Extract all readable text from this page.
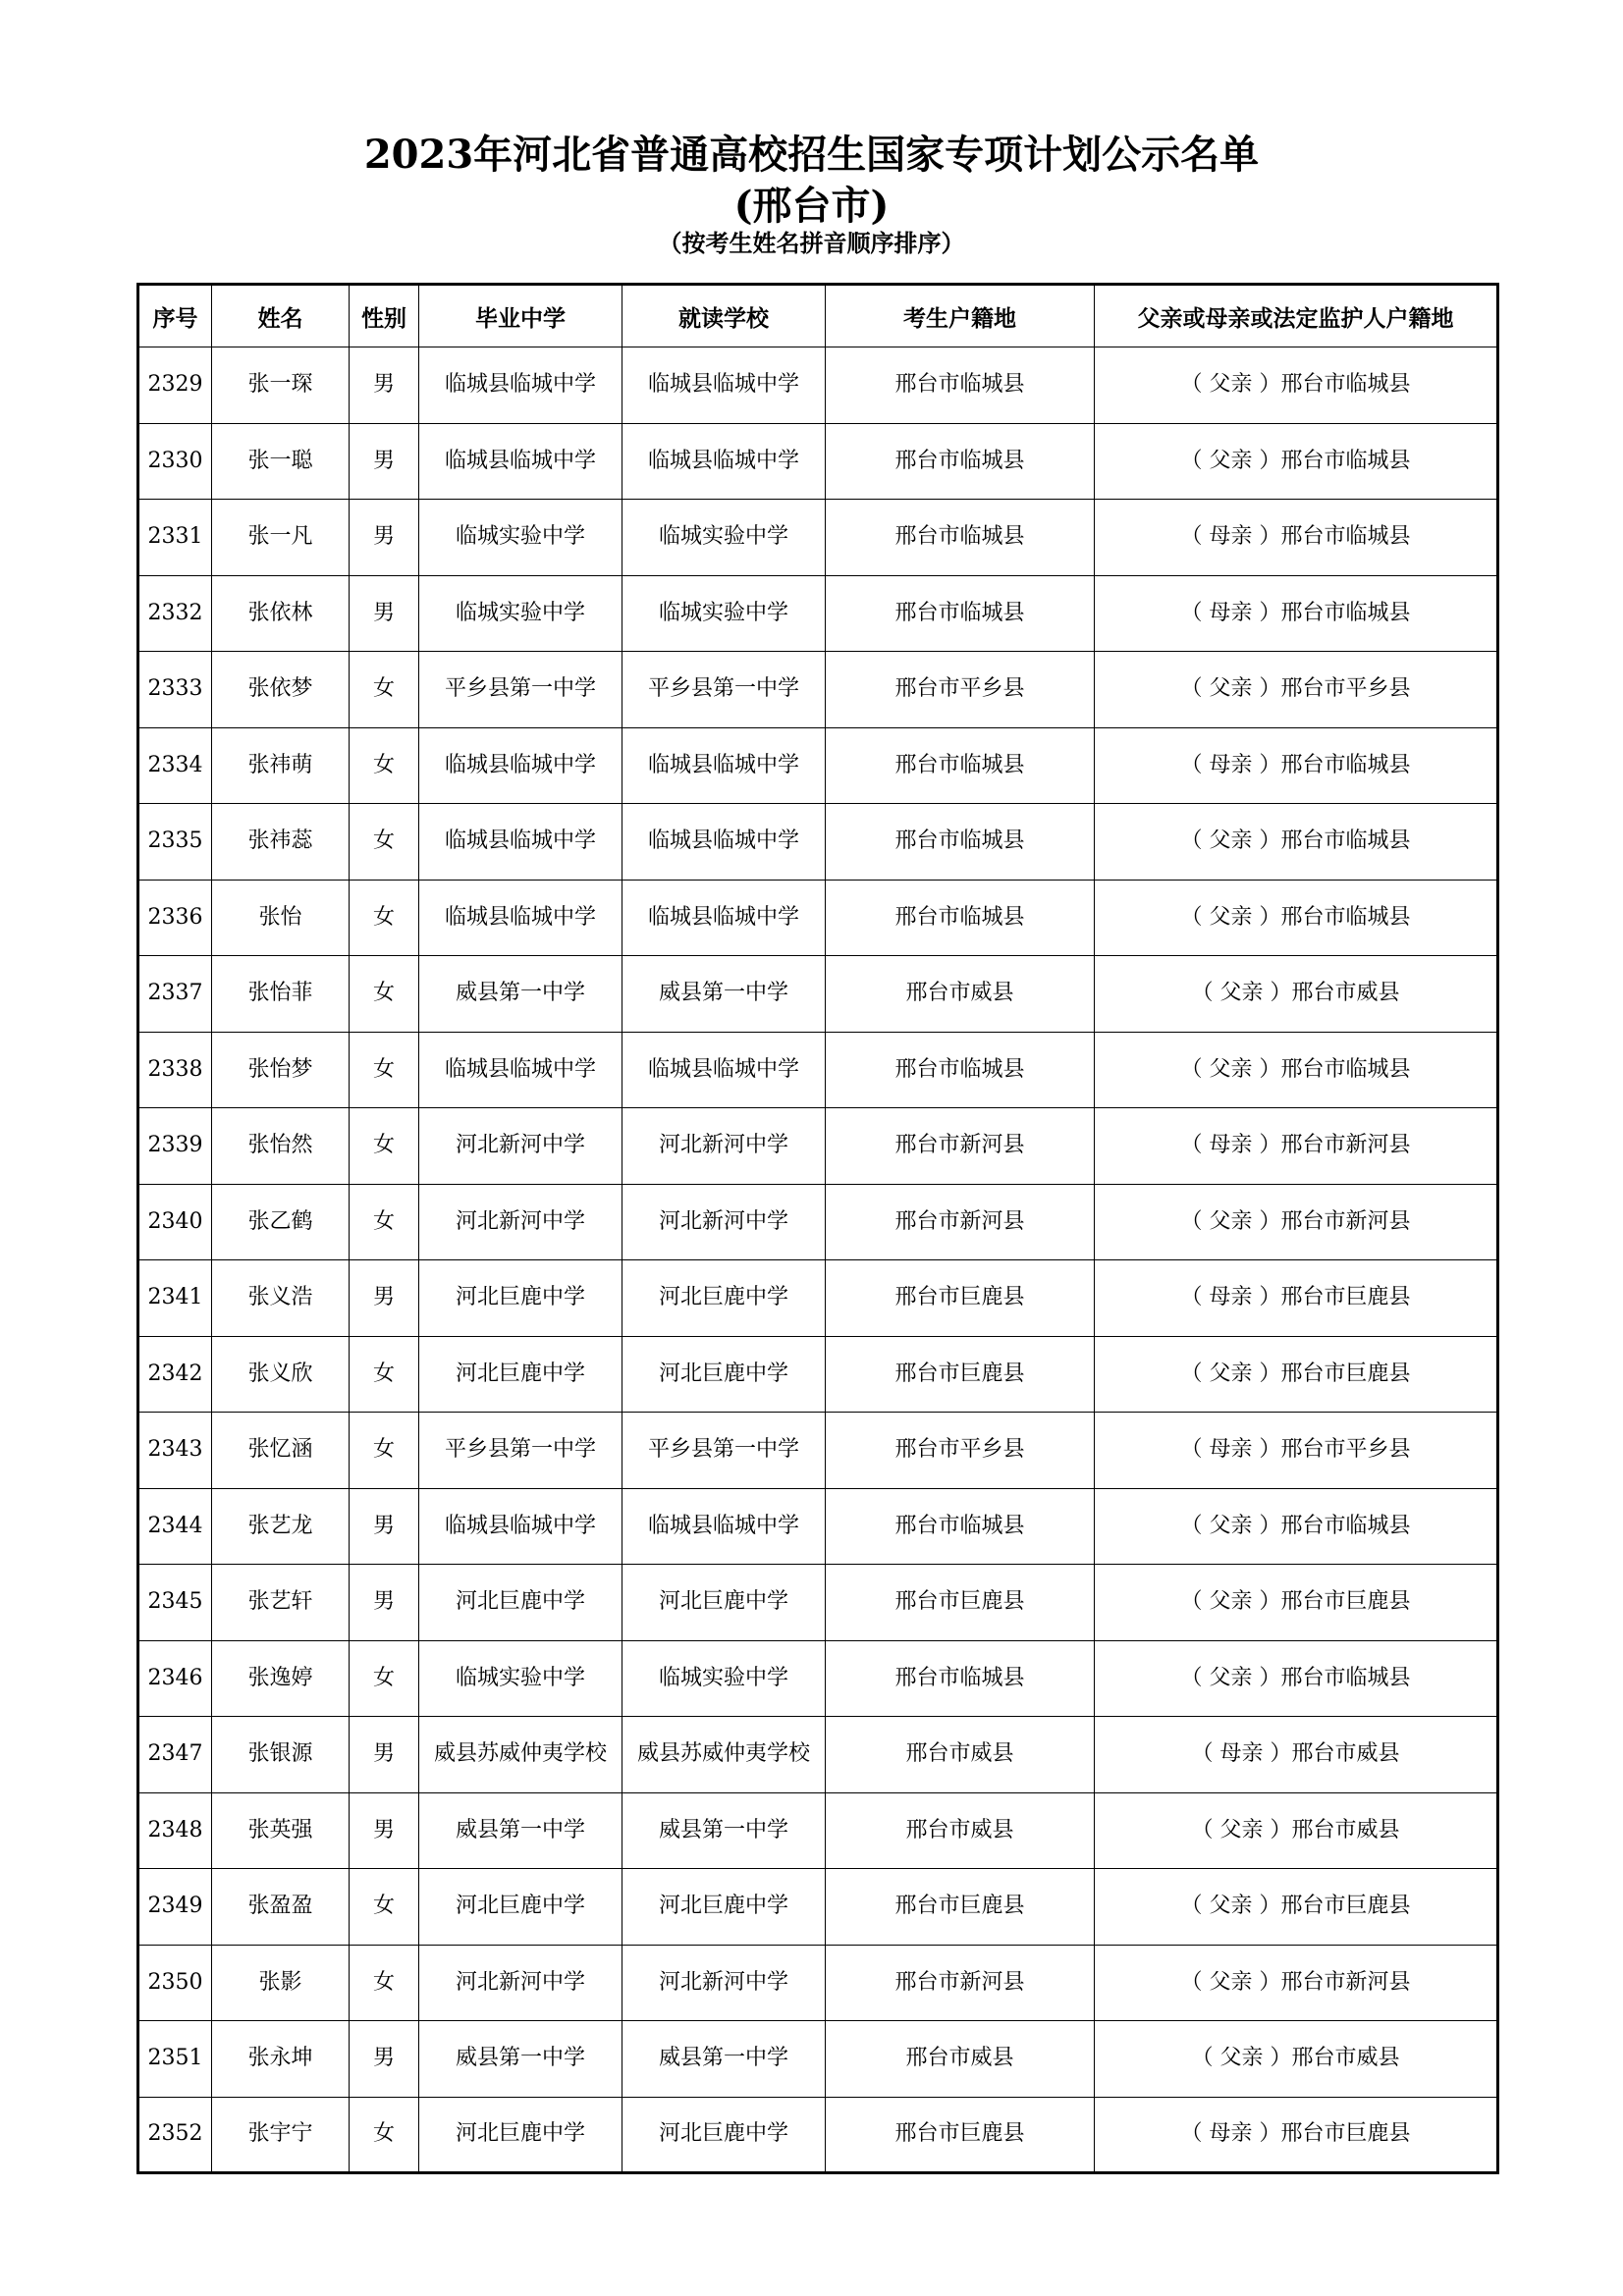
2023年河北省普通高校招生国家专项计划公示名单
(邢台市)
（按考生姓名拼音顺序排序）
序号	姓名	性别	毕业中学	就读学校	考生户籍地	父亲或母亲或法定监护人户籍地
2329	张一琛	男	临城县临城中学	临城县临城中学	邢台市临城县	（ 父亲 ）邢台市临城县
2330	张一聪	男	临城县临城中学	临城县临城中学	邢台市临城县	（ 父亲 ）邢台市临城县
2331	张一凡	男	临城实验中学	临城实验中学	邢台市临城县	（ 母亲 ）邢台市临城县
2332	张依林	男	临城实验中学	临城实验中学	邢台市临城县	（ 母亲 ）邢台市临城县
2333	张依梦	女	平乡县第一中学	平乡县第一中学	邢台市平乡县	（ 父亲 ）邢台市平乡县
2334	张祎萌	女	临城县临城中学	临城县临城中学	邢台市临城县	（ 母亲 ）邢台市临城县
2335	张祎蕊	女	临城县临城中学	临城县临城中学	邢台市临城县	（ 父亲 ）邢台市临城县
2336	张怡	女	临城县临城中学	临城县临城中学	邢台市临城县	（ 父亲 ）邢台市临城县
2337	张怡菲	女	威县第一中学	威县第一中学	邢台市威县	（ 父亲 ）邢台市威县
2338	张怡梦	女	临城县临城中学	临城县临城中学	邢台市临城县	（ 父亲 ）邢台市临城县
2339	张怡然	女	河北新河中学	河北新河中学	邢台市新河县	（ 母亲 ）邢台市新河县
2340	张乙鹤	女	河北新河中学	河北新河中学	邢台市新河县	（ 父亲 ）邢台市新河县
2341	张义浩	男	河北巨鹿中学	河北巨鹿中学	邢台市巨鹿县	（ 母亲 ）邢台市巨鹿县
2342	张义欣	女	河北巨鹿中学	河北巨鹿中学	邢台市巨鹿县	（ 父亲 ）邢台市巨鹿县
2343	张忆涵	女	平乡县第一中学	平乡县第一中学	邢台市平乡县	（ 母亲 ）邢台市平乡县
2344	张艺龙	男	临城县临城中学	临城县临城中学	邢台市临城县	（ 父亲 ）邢台市临城县
2345	张艺轩	男	河北巨鹿中学	河北巨鹿中学	邢台市巨鹿县	（ 父亲 ）邢台市巨鹿县
2346	张逸婷	女	临城实验中学	临城实验中学	邢台市临城县	（ 父亲 ）邢台市临城县
2347	张银源	男	威县苏威仲夷学校	威县苏威仲夷学校	邢台市威县	（ 母亲 ）邢台市威县
2348	张英强	男	威县第一中学	威县第一中学	邢台市威县	（ 父亲 ）邢台市威县
2349	张盈盈	女	河北巨鹿中学	河北巨鹿中学	邢台市巨鹿县	（ 父亲 ）邢台市巨鹿县
2350	张影	女	河北新河中学	河北新河中学	邢台市新河县	（ 父亲 ）邢台市新河县
2351	张永坤	男	威县第一中学	威县第一中学	邢台市威县	（ 父亲 ）邢台市威县
2352	张宇宁	女	河北巨鹿中学	河北巨鹿中学	邢台市巨鹿县	（ 母亲 ）邢台市巨鹿县
